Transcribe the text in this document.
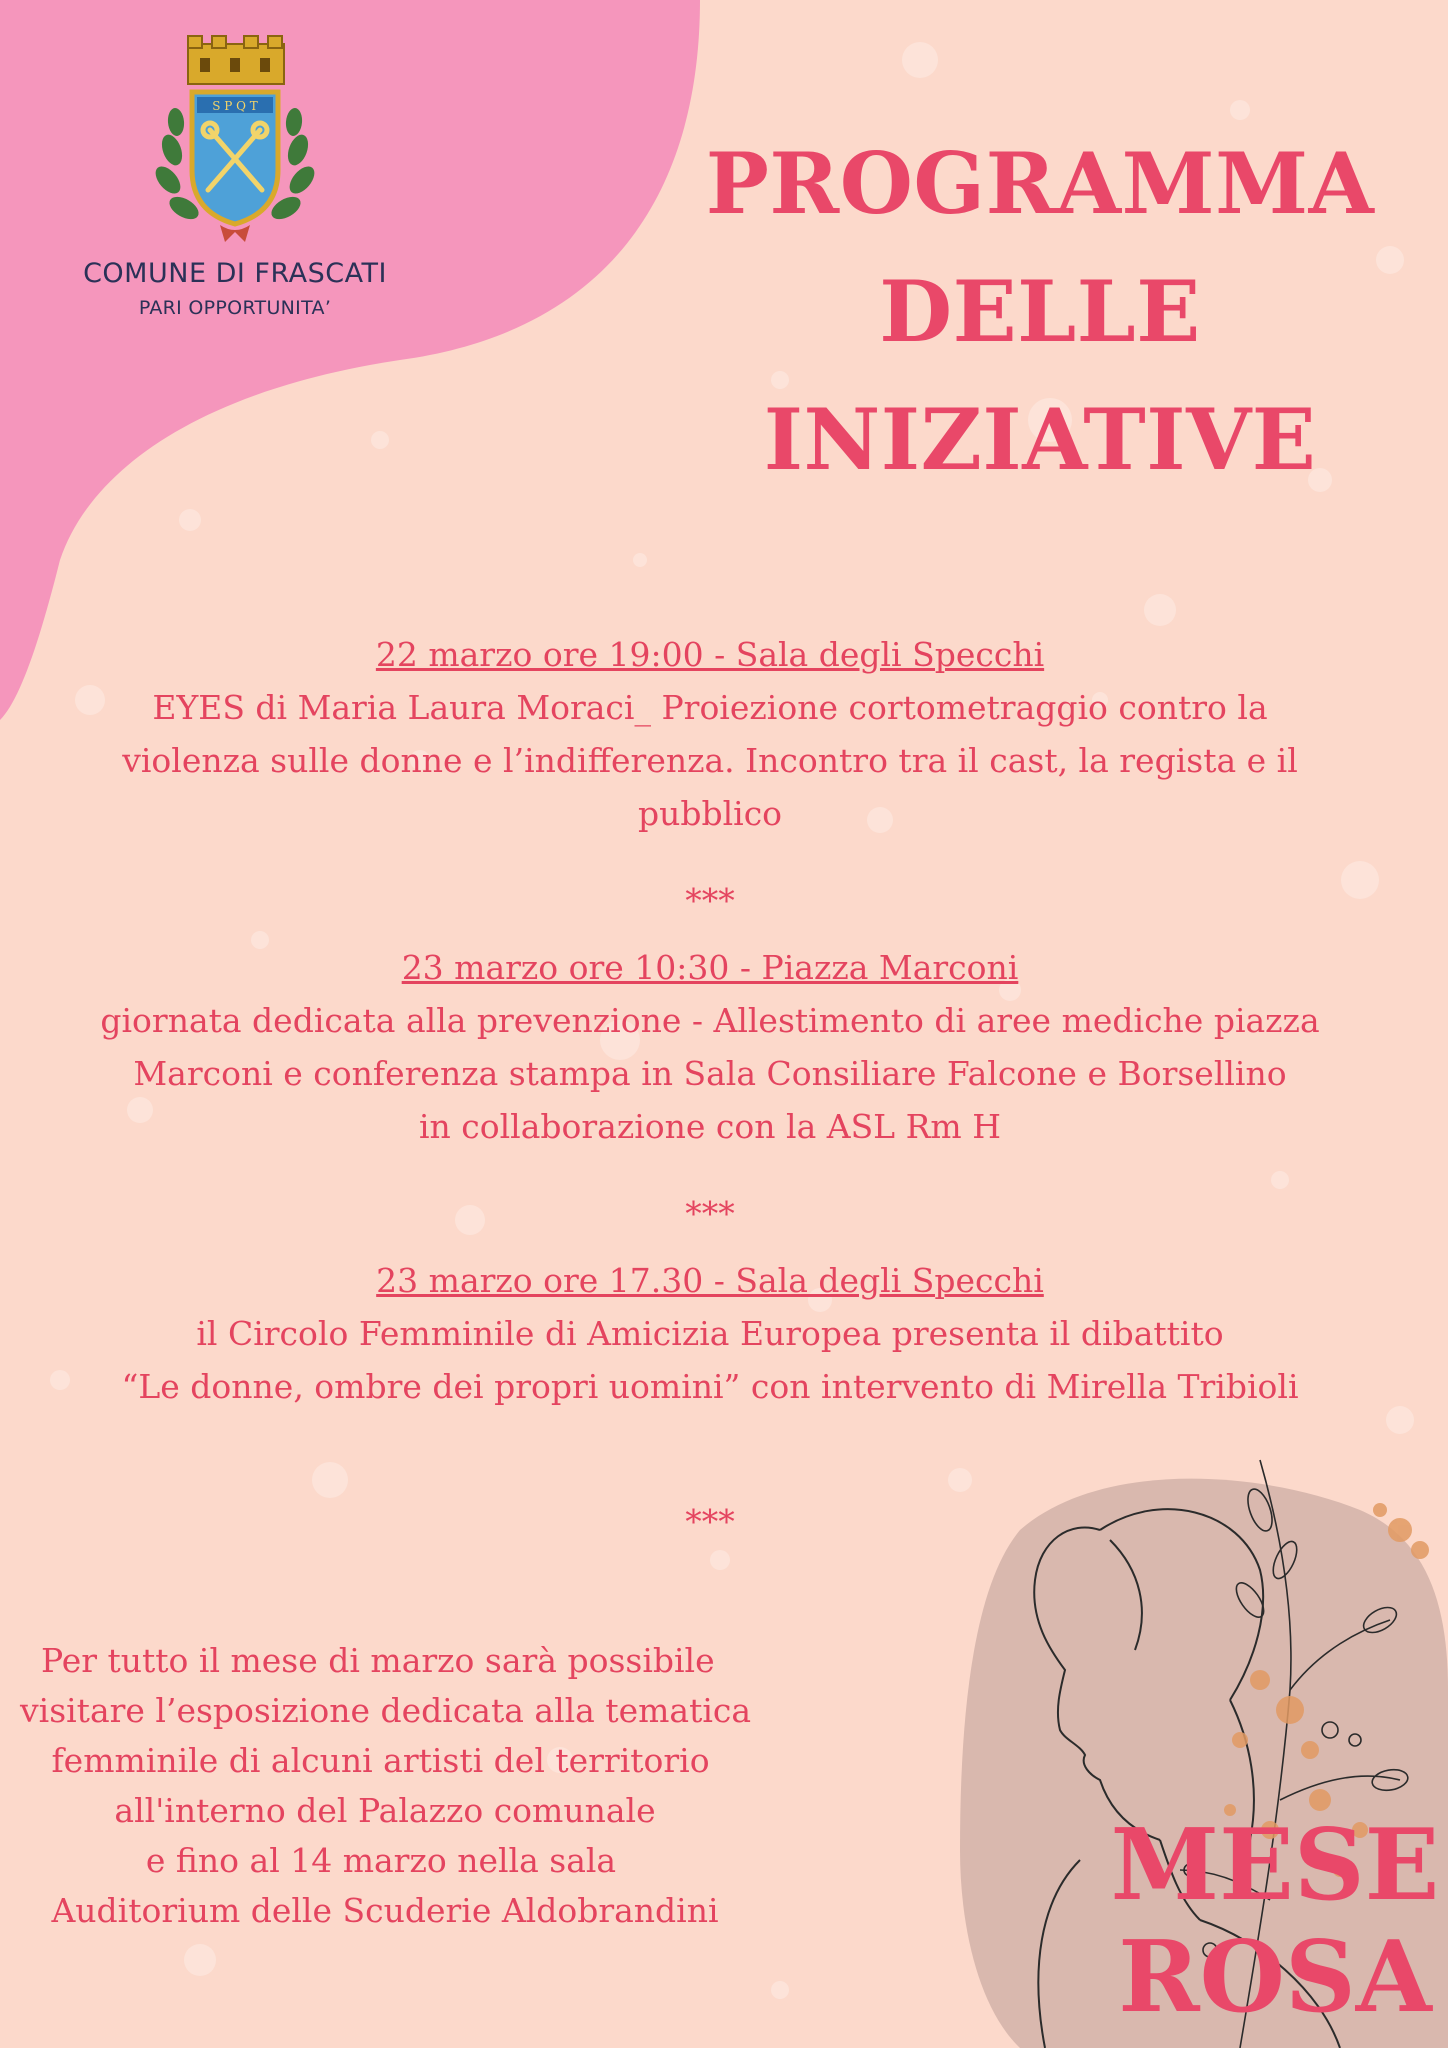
S P Q T
COMUNE DI FRASCATI
PARI OPPORTUNITA’
PROGRAMMA
DELLE INIZIATIVE
22 marzo ore 19:00 - Sala degli Specchi
EYES di Maria Laura Moraci_ Proiezione cortometraggio contro la
violenza sulle donne e l’indifferenza. Incontro tra il cast, la regista e il
pubblico
***
23 marzo ore 10:30 - Piazza Marconi
giornata dedicata alla prevenzione - Allestimento di aree mediche piazza
Marconi e conferenza stampa in Sala Consiliare Falcone e Borsellino
in collaborazione con la ASL Rm H
***
23 marzo ore 17.30 - Sala degli Specchi
il Circolo Femminile di Amicizia Europea presenta il dibattito
“Le donne, ombre dei propri uomini” con intervento di Mirella Tribioli
***
Per tutto il mese di marzo sarà possibile
visitare l’esposizione dedicata alla tematica
femminile di alcuni artisti del territorio
all'interno del Palazzo comunale
e fino al 14 marzo nella sala
Auditorium delle Scuderie Aldobrandini	MESE
ROSA
